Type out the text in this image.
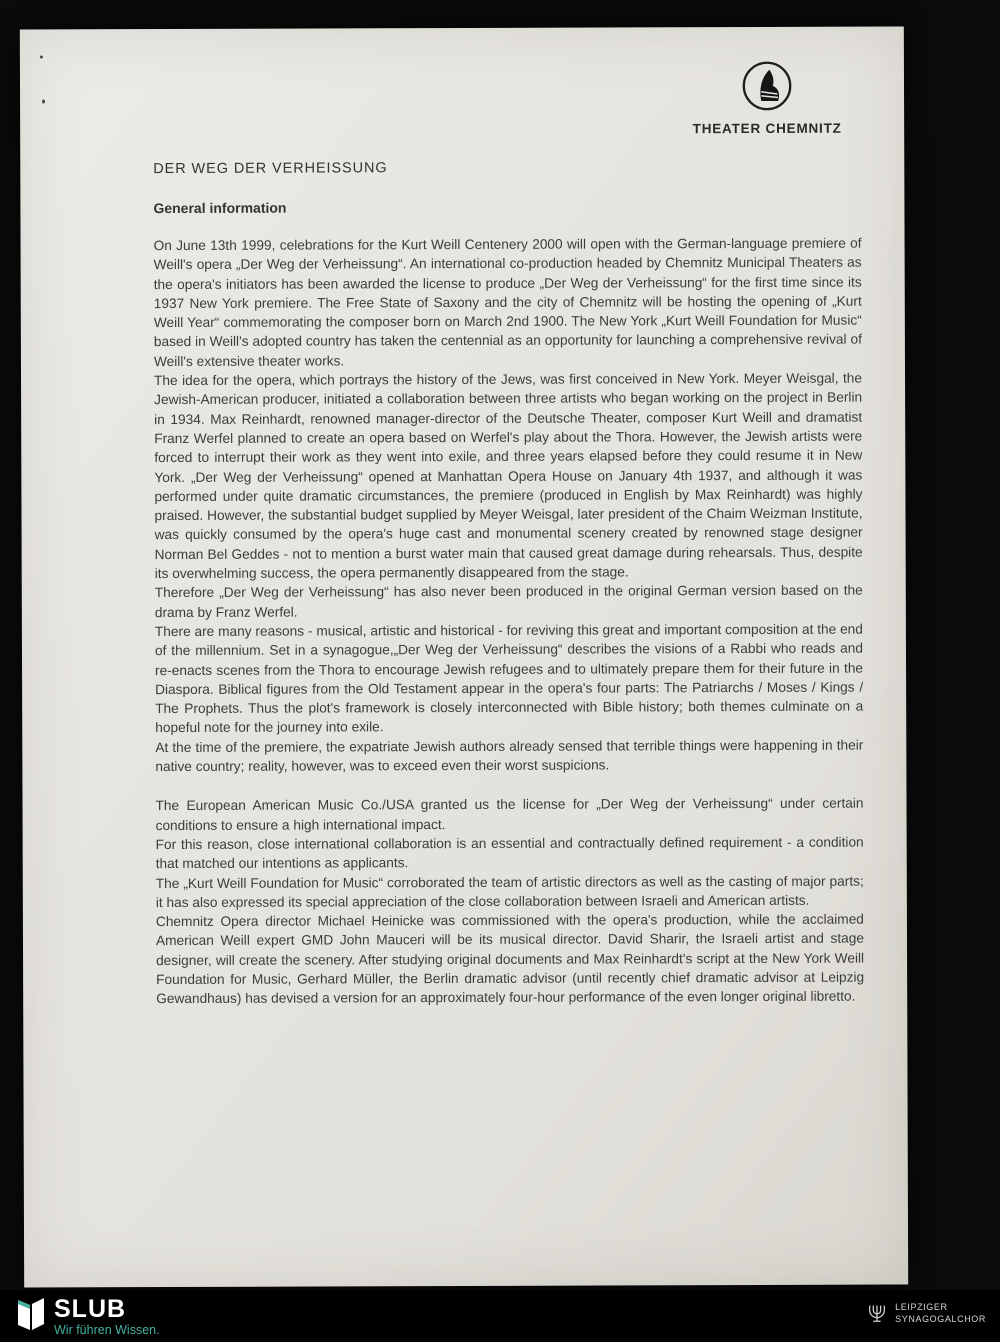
THEATER CHEMNITZ
DER WEG DER VERHEISSUNG
General information

On June 13th 1999, celebrations for the Kurt Weill Centenery 2000 will open with the German-language premiere of Weill's opera „Der Weg der Verheissung“. An international co-production headed by Chemnitz Municipal Theaters as the opera's initiators has been awarded the license to produce „Der Weg der Verheissung“ for the first time since its 1937 New York premiere. The Free State of Saxony and the city of Chemnitz will be hosting the opening of „Kurt Weill Year“ commemorating the composer born on March 2nd 1900. The New York „Kurt Weill Foundation for Music“ based in Weill's adopted country has taken the centennial as an opportunity for launching a comprehensive revival of Weill's extensive theater works.

The idea for the opera, which portrays the history of the Jews, was first conceived in New York. Meyer Weisgal, the Jewish-American producer, initiated a collaboration between three artists who began working on the project in Berlin in 1934. Max Reinhardt, renowned manager-director of the Deutsche Theater, composer Kurt Weill and dramatist Franz Werfel planned to create an opera based on Werfel's play about the Thora. However, the Jewish artists were forced to interrupt their work as they went into exile, and three years elapsed before they could resume it in New York. „Der Weg der Verheissung“ opened at Manhattan Opera House on January 4th 1937, and although it was performed under quite dramatic circumstances, the premiere (produced in English by Max Reinhardt) was highly praised. However, the substantial budget supplied by Meyer Weisgal, later president of the Chaim Weizman Institute, was quickly consumed by the opera's huge cast and monumental scenery created by renowned stage designer Norman Bel Geddes - not to mention a burst water main that caused great damage during rehearsals. Thus, despite its overwhelming success, the opera permanently disappeared from the stage.

Therefore „Der Weg der Verheissung“ has also never been produced in the original German version based on the drama by Franz Werfel.

There are many reasons - musical, artistic and historical - for reviving this great and important composition at the end of the millennium. Set in a synagogue,„Der Weg der Verheissung“ describes the visions of a Rabbi who reads and re-enacts scenes from the Thora to encourage Jewish refugees and to ultimately prepare them for their future in the Diaspora. Biblical figures from the Old Testament appear in the opera's four parts: The Patriarchs / Moses / Kings / The Prophets. Thus the plot's framework is closely interconnected with Bible history; both themes culminate on a hopeful note for the journey into exile.

At the time of the premiere, the expatriate Jewish authors already sensed that terrible things were happening in their native country; reality, however, was to exceed even their worst suspicions.

The European American Music Co./USA granted us the license for „Der Weg der Verheissung“ under certain conditions to ensure a high international impact.

For this reason, close international collaboration is an essential and contractually defined requirement - a condition that matched our intentions as applicants.

The „Kurt Weill Foundation for Music“ corroborated the team of artistic directors as well as the casting of major parts; it has also expressed its special appreciation of the close collaboration between Israeli and American artists.

Chemnitz Opera director Michael Heinicke was commissioned with the opera's production, while the acclaimed American Weill expert GMD John Mauceri will be its musical director. David Sharir, the Israeli artist and stage designer, will create the scenery. After studying original documents and Max Reinhardt's script at the New York Weill Foundation for Music, Gerhard Müller, the Berlin dramatic advisor (until recently chief dramatic advisor at Leipzig Gewandhaus) has devised a version for an approximately four-hour performance of the even longer original libretto.

SLUB
Wir führen Wissen.
LEIPZIGER
SYNAGOGALCHOR
